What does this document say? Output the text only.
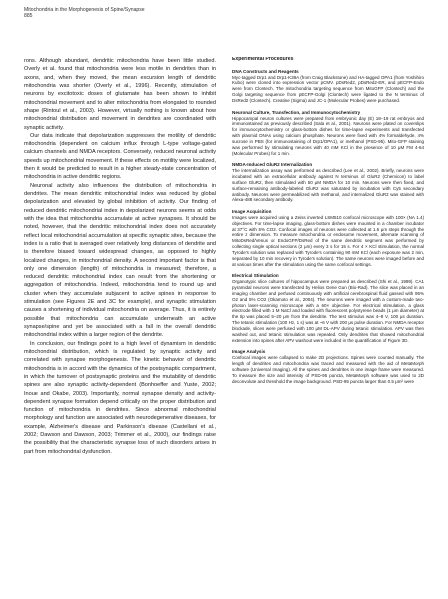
Mitochondria in the Morphogenesis of Spine/Synapse
885

rons. Although abundant, dendritic mitochondria have been little studied. Overly et al. found that mitochondria were less motile in dendrites than in axons, and, when they moved, the mean excursion length of dendritic mitochondria was shorter (Overly et al., 1996). Recently, stimulation of neurons by excitotoxic doses of glutamate has been shown to inhibit mitochondrial movement and to alter mitochondria from elongated to rounded shape (Rintoul et al., 2003). However, virtually nothing is known about how mitochondrial distribution and movement in dendrites are coordinated with synaptic activity.

Our data indicate that depolarization suppresses the motility of dendritic mitochondria (dependent on calcium influx through L-type voltage-gated calcium channels and NMDA receptors. Conversely, reduced neuronal activity speeds up mitochondrial movement. If these effects on motility were localized, then it would be predicted to result in a higher steady-state concentration of mitochondria in active dendritic regions.

Neuronal activity also influences the distribution of mitochondria in dendrites. The mean dendritic mitochondrial index was reduced by global depolarization and elevated by global inhibition of activity. Our finding of reduced dendritic mitochondrial index in depolarized neurons seems at odds with the idea that mitochondria accumulate at active synapses. It should be noted, however, that the dendritic mitochondrial index does not accurately reflect local mitochondrial accumulation at specific synaptic sites, because the index is a ratio that is averaged over relatively long distances of dendrite and is therefore biased toward widespread changes, as opposed to highly localized changes, in mitochondrial density. A second important factor is that only one dimension (length) of mitochondria is measured; therefore, a reduced dendritic mitochondrial index can result from the shortening or aggregation of mitochondria. Indeed, mitochondria tend to round up and cluster when they accumulate subjacent to active spines in response to stimulation (see Figures 2E and 3C for example), and synaptic stimulation causes a shortening of individual mitochondria on average. Thus, it is entirely possible that mitochondria can accumulate underneath an active synapse/spine and yet be associated with a fall in the overall dendritic mitochondrial index within a larger region of the dendrite.

In conclusion, our findings point to a high level of dynamism in dendritic mitochondrial distribution, which is regulated by synaptic activity and correlated with synapse morphogenesis. The kinetic behavior of dendritic mitochondria is in accord with the dynamics of the postsynaptic compartment, in which the turnover of postsynaptic proteins and the mutability of dendritic spines are also synaptic activity-dependent (Bonhoeffer and Yuste, 2002; Inoue and Okabe, 2003). Importantly, normal synapse density and activity-dependent synapse formation depend critically on the proper distribution and function of mitochondria in dendrites. Since abnormal mitochondrial morphology and function are associated with neurodegenerative diseases, for example, Alzheimer's disease and Parkinson's disease (Castellani et al., 2002; Dawson and Dawson, 2003; Trimmer et al., 2000), our findings raise the possibility that the characteristic synapse loss of such disorders arises in part from mitochondrial dysfunction.

Experimental Procedures
DNA Constructs and Reagents

Myc-tagged Drp1 and Drp1-K38A (from Craig Blackstone) and HA-tagged OPA1 (from Yoshihiro Kubo) were cloned into expression vector pCMV. pDsRed2, pDsRed2-ER, and pECFP-Endo were from Clontech. The mitochondria targeting sequence from MitoGFP (Clontech) and the Golgi targeting sequence from pECFP-Golgi (Clontech) were ligated to the N terminus of DsRed2 (Clontech). Creatine (Sigma) and JC-1 (Molecular Probes) were purchased.

Neuronal Culture, Transfection, and Immunocytochemistry

Hippocampal neuron cultures were prepared from embryonic day (E) 18–19 rat embryos and immunostained as previously described (Sala et al., 2001). Neurons were plated on coverslips for immunocytochemistry or glass-bottom dishes for time-lapse experiments and transfected with plasmid DNAs using calcium phosphate. Neurons were fixed with 4% formaldehyde, 4% sucrose in PBS (for immunostaining of Drp1/OPA1), or methanol (PSD-95). Mito-GFP staining was performed by stimulating neurons with 40 mM KCl in the presence of 10 μM FM 4-64 (Molecular Probes) for 1 min.

NMDA-Induced GluR2 Internalization

The internalization assay was performed as described (Lee et al., 2002). Briefly, neurons were incubated with an extracellular antibody against N terminus of GluR2 (Chemicon) to label surface GluR2, then stimulated with 50 μM NMDA for 10 min. Neurons were then fixed, and surface-remaining antibody-labeled GluR2 was saturated by incubation with Cy5 secondary antibody. Neurons were permeabilized with methanol, and internalized GluR2 was stained with Alexa-488 secondary antibody.

Image Acquisition

Images were acquired using a Zeiss inverted LSM510 confocal microscope with 100× (NA 1.4) objectives. For time-lapse imaging, glass-bottom dishes were mounted in a chamber incubator at 37°C with 5% CO2. Confocal images of neurons were collected at 1.5 μm steps through the entire z dimension. To measure mitochondria or endosome movement, alternate scanning of MitoDsRed/Venus or EndoGFP/DsRed of the same dendritic segment was performed by collecting single optical sections (2 μm) every 3 s for 15 s. For 4 × KCl stimulation, the normal Tyrode's solution was replaced with Tyrode's containing 90 mM KCl (each exposure was 2 min, separated by 10 min recovery in Tyrode's solution). The same neurons were imaged before and at various times after the stimulation using the same confocal settings.

Electrical Stimulation

Organotypic slice cultures of hippocampus were prepared as described (Shi et al., 1999). CA1 pyramidal neurons were transfected by Helios Gene Gun (Bio-Rad). The slice was placed in an imaging chamber and perfused continuously with artificial cerebrospinal fluid gassed with 95% O2 and 5% CO2 (Okamoto et al., 2004). The neurons were imaged with a custom-made two-photon laser-scanning microscope with a 60× objective. For electrical stimulation, a glass electrode filled with 1 M NaCl and loaded with fluorescent polystyrene beads (1 μm diameter) at the tip was placed 5–20 μm from the dendrite. The test stimulus was 4–8 V, 100 μs duration. The tetanic stimulation (100 Hz, 1 s) was at ~6 V with 200 μs pulse duration. For NMDA receptor blockade, slices were perfused with 100 μM DL-APV during tetanic stimulation. APV was then washed out, and tetanic stimulation was repeated. Only dendrites that showed mitochondrial extension into spines after APV washout were included in the quantification of Figure 3D.

Image Analysis

Confocal images were collapsed to make 2D projections. Spines were counted manually. The length of dendrites and mitochondria was traced and measured with the aid of MetaMorph software (Universal Imaging). All the spines and dendrites in one image frame were measured. To measure the size and intensity of PSD-95 puncta, MetaMorph software was used to 2D deconvolute and threshold the image background. PSD-95 puncta larger than 0.5 μm² were
